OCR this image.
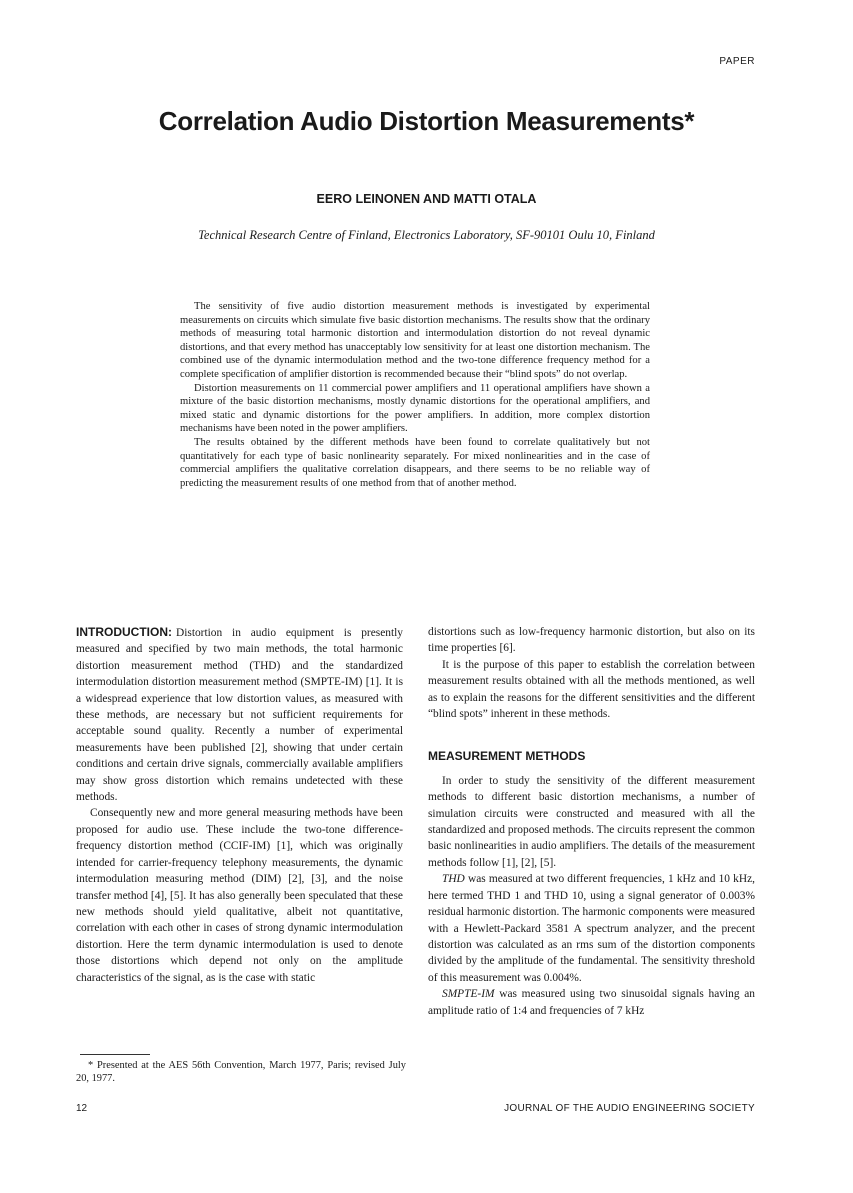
PAPER
Correlation Audio Distortion Measurements*
EERO LEINONEN AND MATTI OTALA
Technical Research Centre of Finland, Electronics Laboratory, SF-90101 Oulu 10, Finland

The sensitivity of five audio distortion measurement methods is investigated by experimental measurements on circuits which simulate five basic distortion mechanisms. The results show that the ordinary methods of measuring total harmonic distortion and intermodulation distortion do not reveal dynamic distortions, and that every method has unacceptably low sensitivity for at least one distortion mechanism. The combined use of the dynamic intermodulation method and the two-tone difference frequency method for a complete specification of amplifier distortion is recommended because their “blind spots” do not overlap.

Distortion measurements on 11 commercial power amplifiers and 11 operational amplifiers have shown a mixture of the basic distortion mechanisms, mostly dynamic distortions for the operational amplifiers, and mixed static and dynamic distortions for the power amplifiers. In addition, more complex distortion mechanisms have been noted in the power amplifiers.

The results obtained by the different methods have been found to correlate qualitatively but not quantitatively for each type of basic nonlinearity separately. For mixed nonlinearities and in the case of commercial amplifiers the qualitative correlation disappears, and there seems to be no reliable way of predicting the measurement results of one method from that of another method.

INTRODUCTION: Distortion in audio equipment is presently measured and specified by two main methods, the total harmonic distortion measurement method (THD) and the standardized intermodulation distortion measurement method (SMPTE-IM) [1]. It is a widespread experience that low distortion values, as measured with these methods, are necessary but not sufficient requirements for acceptable sound quality. Recently a number of experimental measurements have been published [2], showing that under certain conditions and certain drive signals, commercially available amplifiers may show gross distortion which remains undetected with these methods.

Consequently new and more general measuring methods have been proposed for audio use. These include the two-tone difference-frequency distortion method (CCIF-IM) [1], which was originally intended for carrier-frequency telephony measurements, the dynamic intermodulation measuring method (DIM) [2], [3], and the noise transfer method [4], [5]. It has also generally been speculated that these new methods should yield qualitative, albeit not quantitative, correlation with each other in cases of strong dynamic intermodulation distortion. Here the term dynamic intermodulation is used to denote those distortions which depend not only on the amplitude characteristics of the signal, as is the case with static

distortions such as low-frequency harmonic distortion, but also on its time properties [6].

It is the purpose of this paper to establish the correlation between measurement results obtained with all the methods mentioned, as well as to explain the reasons for the different sensitivities and the different “blind spots” inherent in these methods.

MEASUREMENT METHODS

In order to study the sensitivity of the different measurement methods to different basic distortion mechanisms, a number of simulation circuits were constructed and measured with all the standardized and proposed methods. The circuits represent the common basic nonlinearities in audio amplifiers. The details of the measurement methods follow [1], [2], [5].

THD was measured at two different frequencies, 1 kHz and 10 kHz, here termed THD 1 and THD 10, using a signal generator of 0.003% residual harmonic distortion. The harmonic components were measured with a Hewlett-Packard 3581 A spectrum analyzer, and the precent distortion was calculated as an rms sum of the distortion components divided by the amplitude of the fundamental. The sensitivity threshold of this measurement was 0.004%.

SMPTE-IM was measured using two sinusoidal signals having an amplitude ratio of 1:4 and frequencies of 7 kHz

* Presented at the AES 56th Convention, March 1977, Paris; revised July 20, 1977.
12	JOURNAL OF THE AUDIO ENGINEERING SOCIETY
